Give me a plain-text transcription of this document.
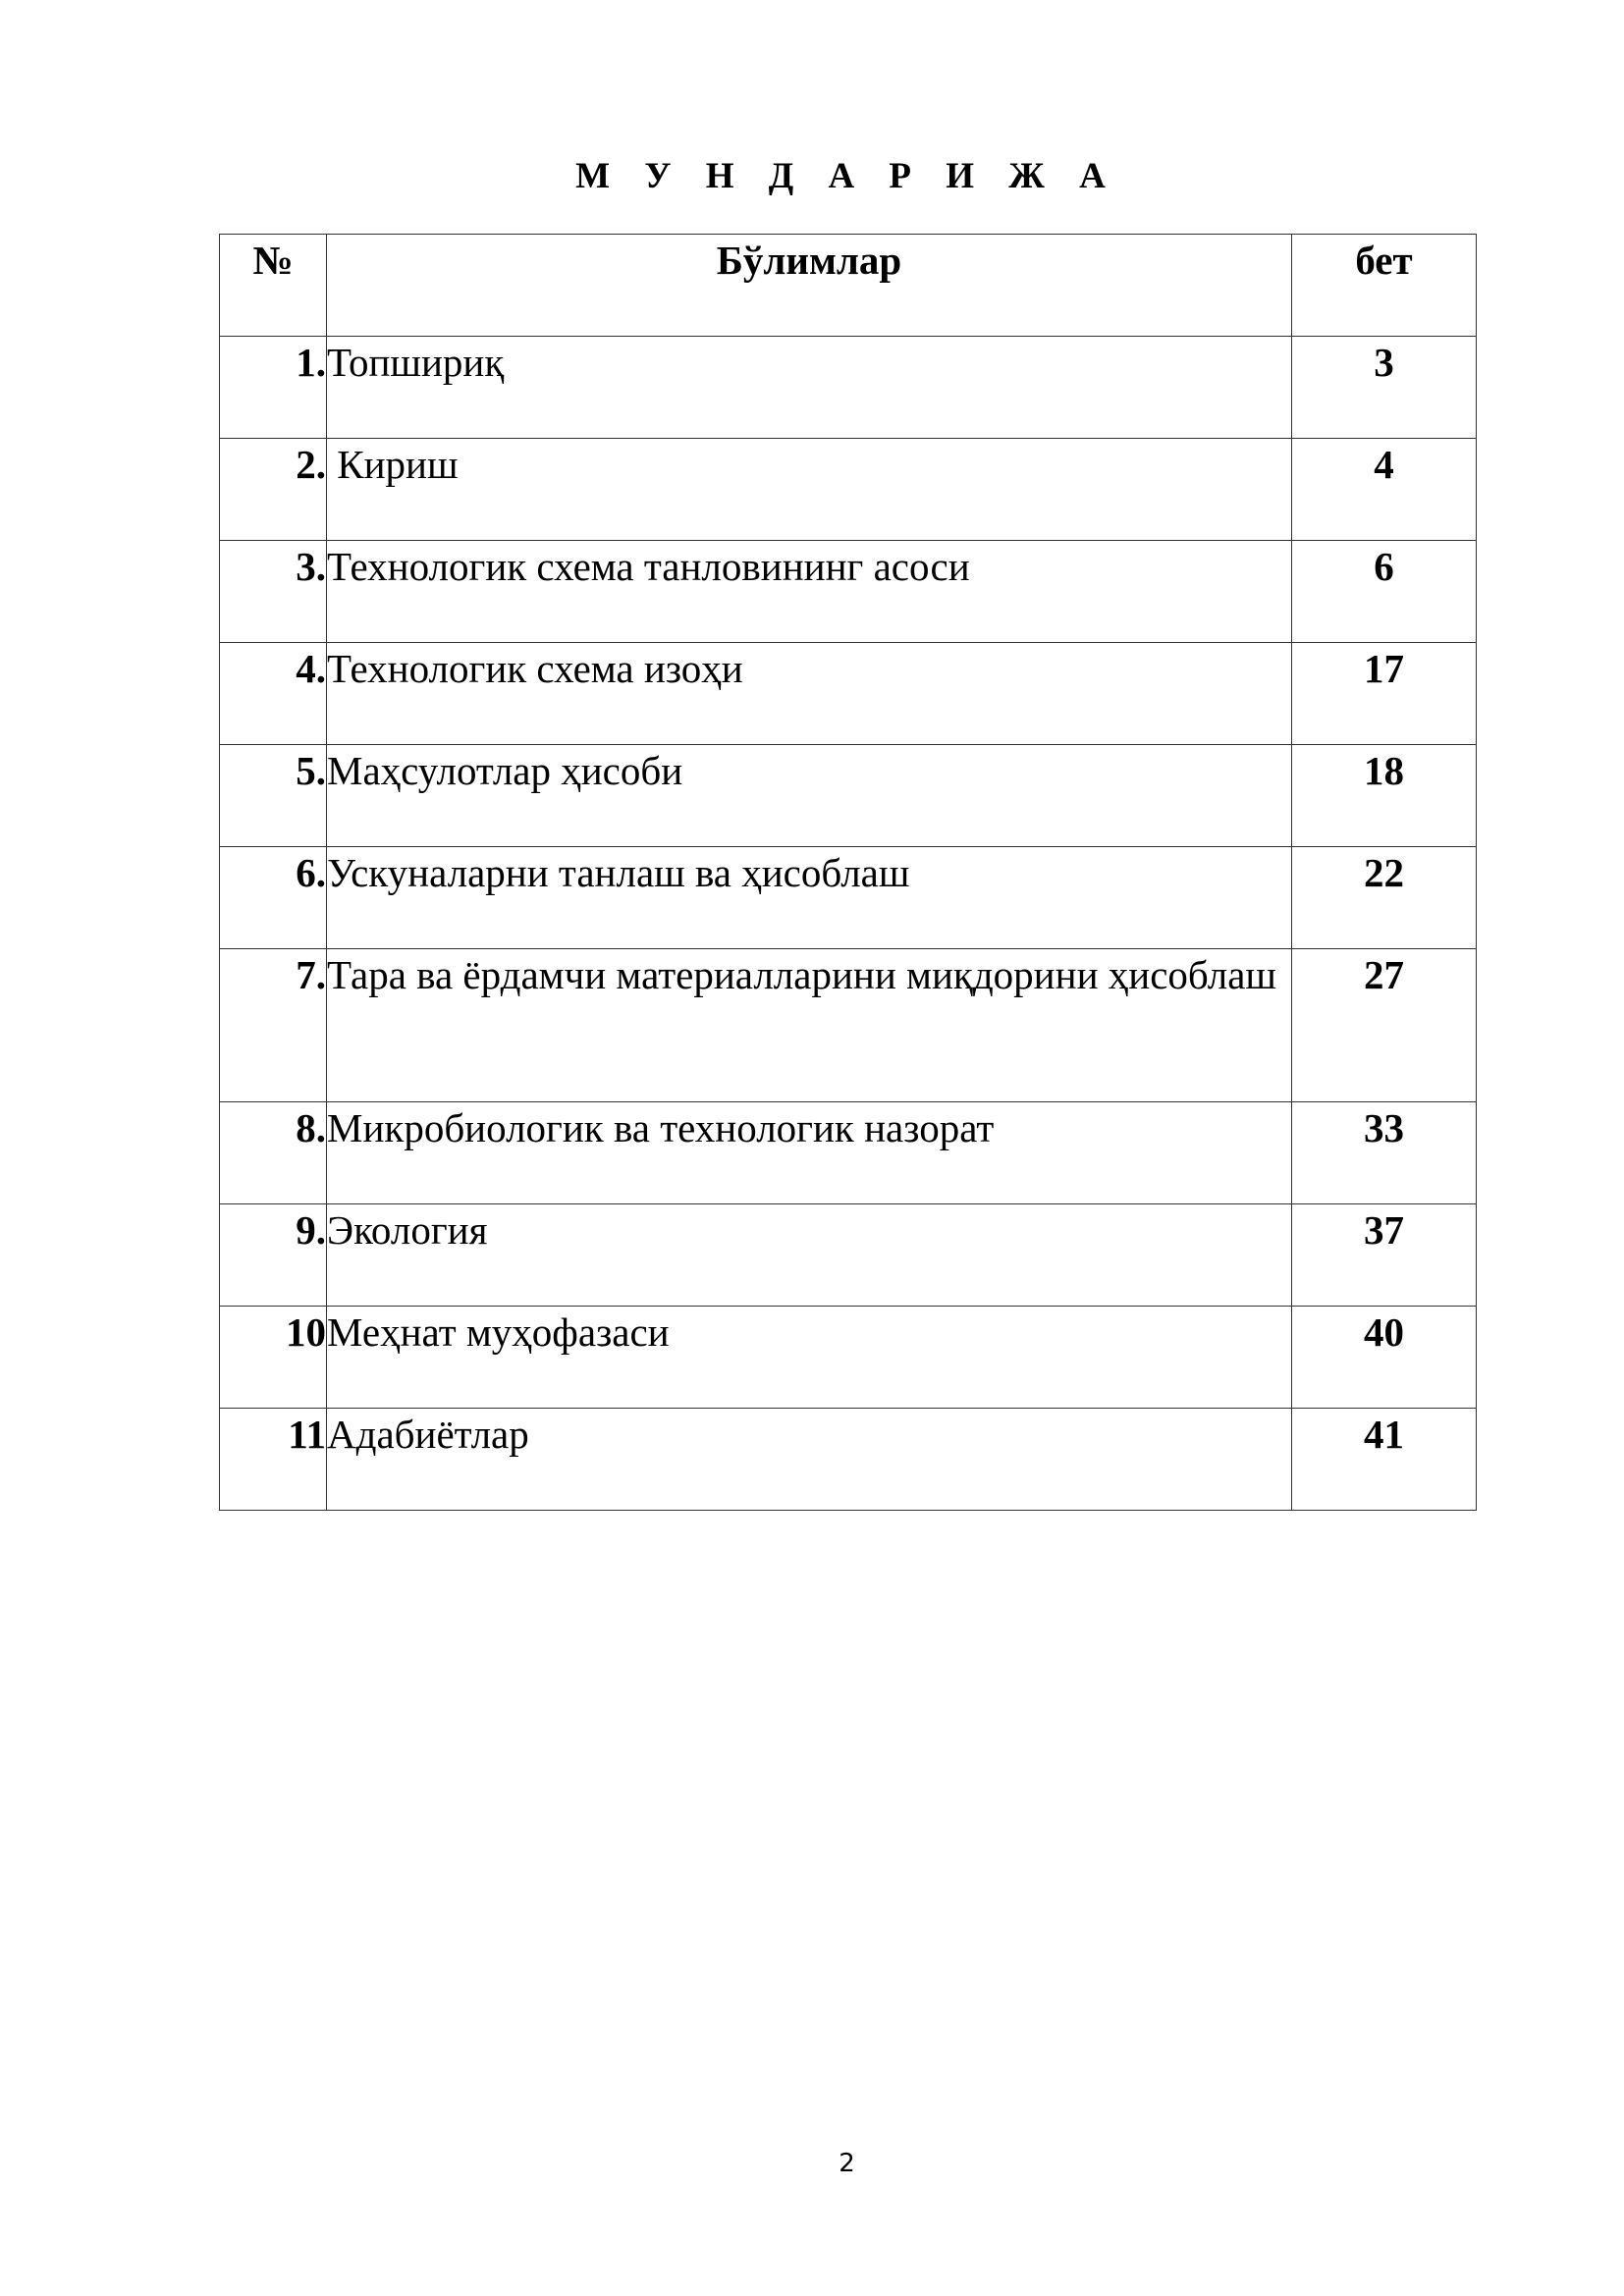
М У Н Д А Р И Ж А
№	Бўлимлар	бет
1.	Топшириқ	3
2.	Кириш	4
3.	Технологик схема танловининг асоси	6
4.	Технологик схема изоҳи	17
5.	Маҳсулотлар ҳисоби	18
6.	Ускуналарни танлаш ва ҳисоблаш	22
7.	Тара ва ёрдамчи материалларини миқдорини ҳисоблаш	27
8.	Микробиологик ва технологик назорат	33
9.	Экология	37
10	Меҳнат муҳофазаси	40
11	Адабиётлар	41
2
